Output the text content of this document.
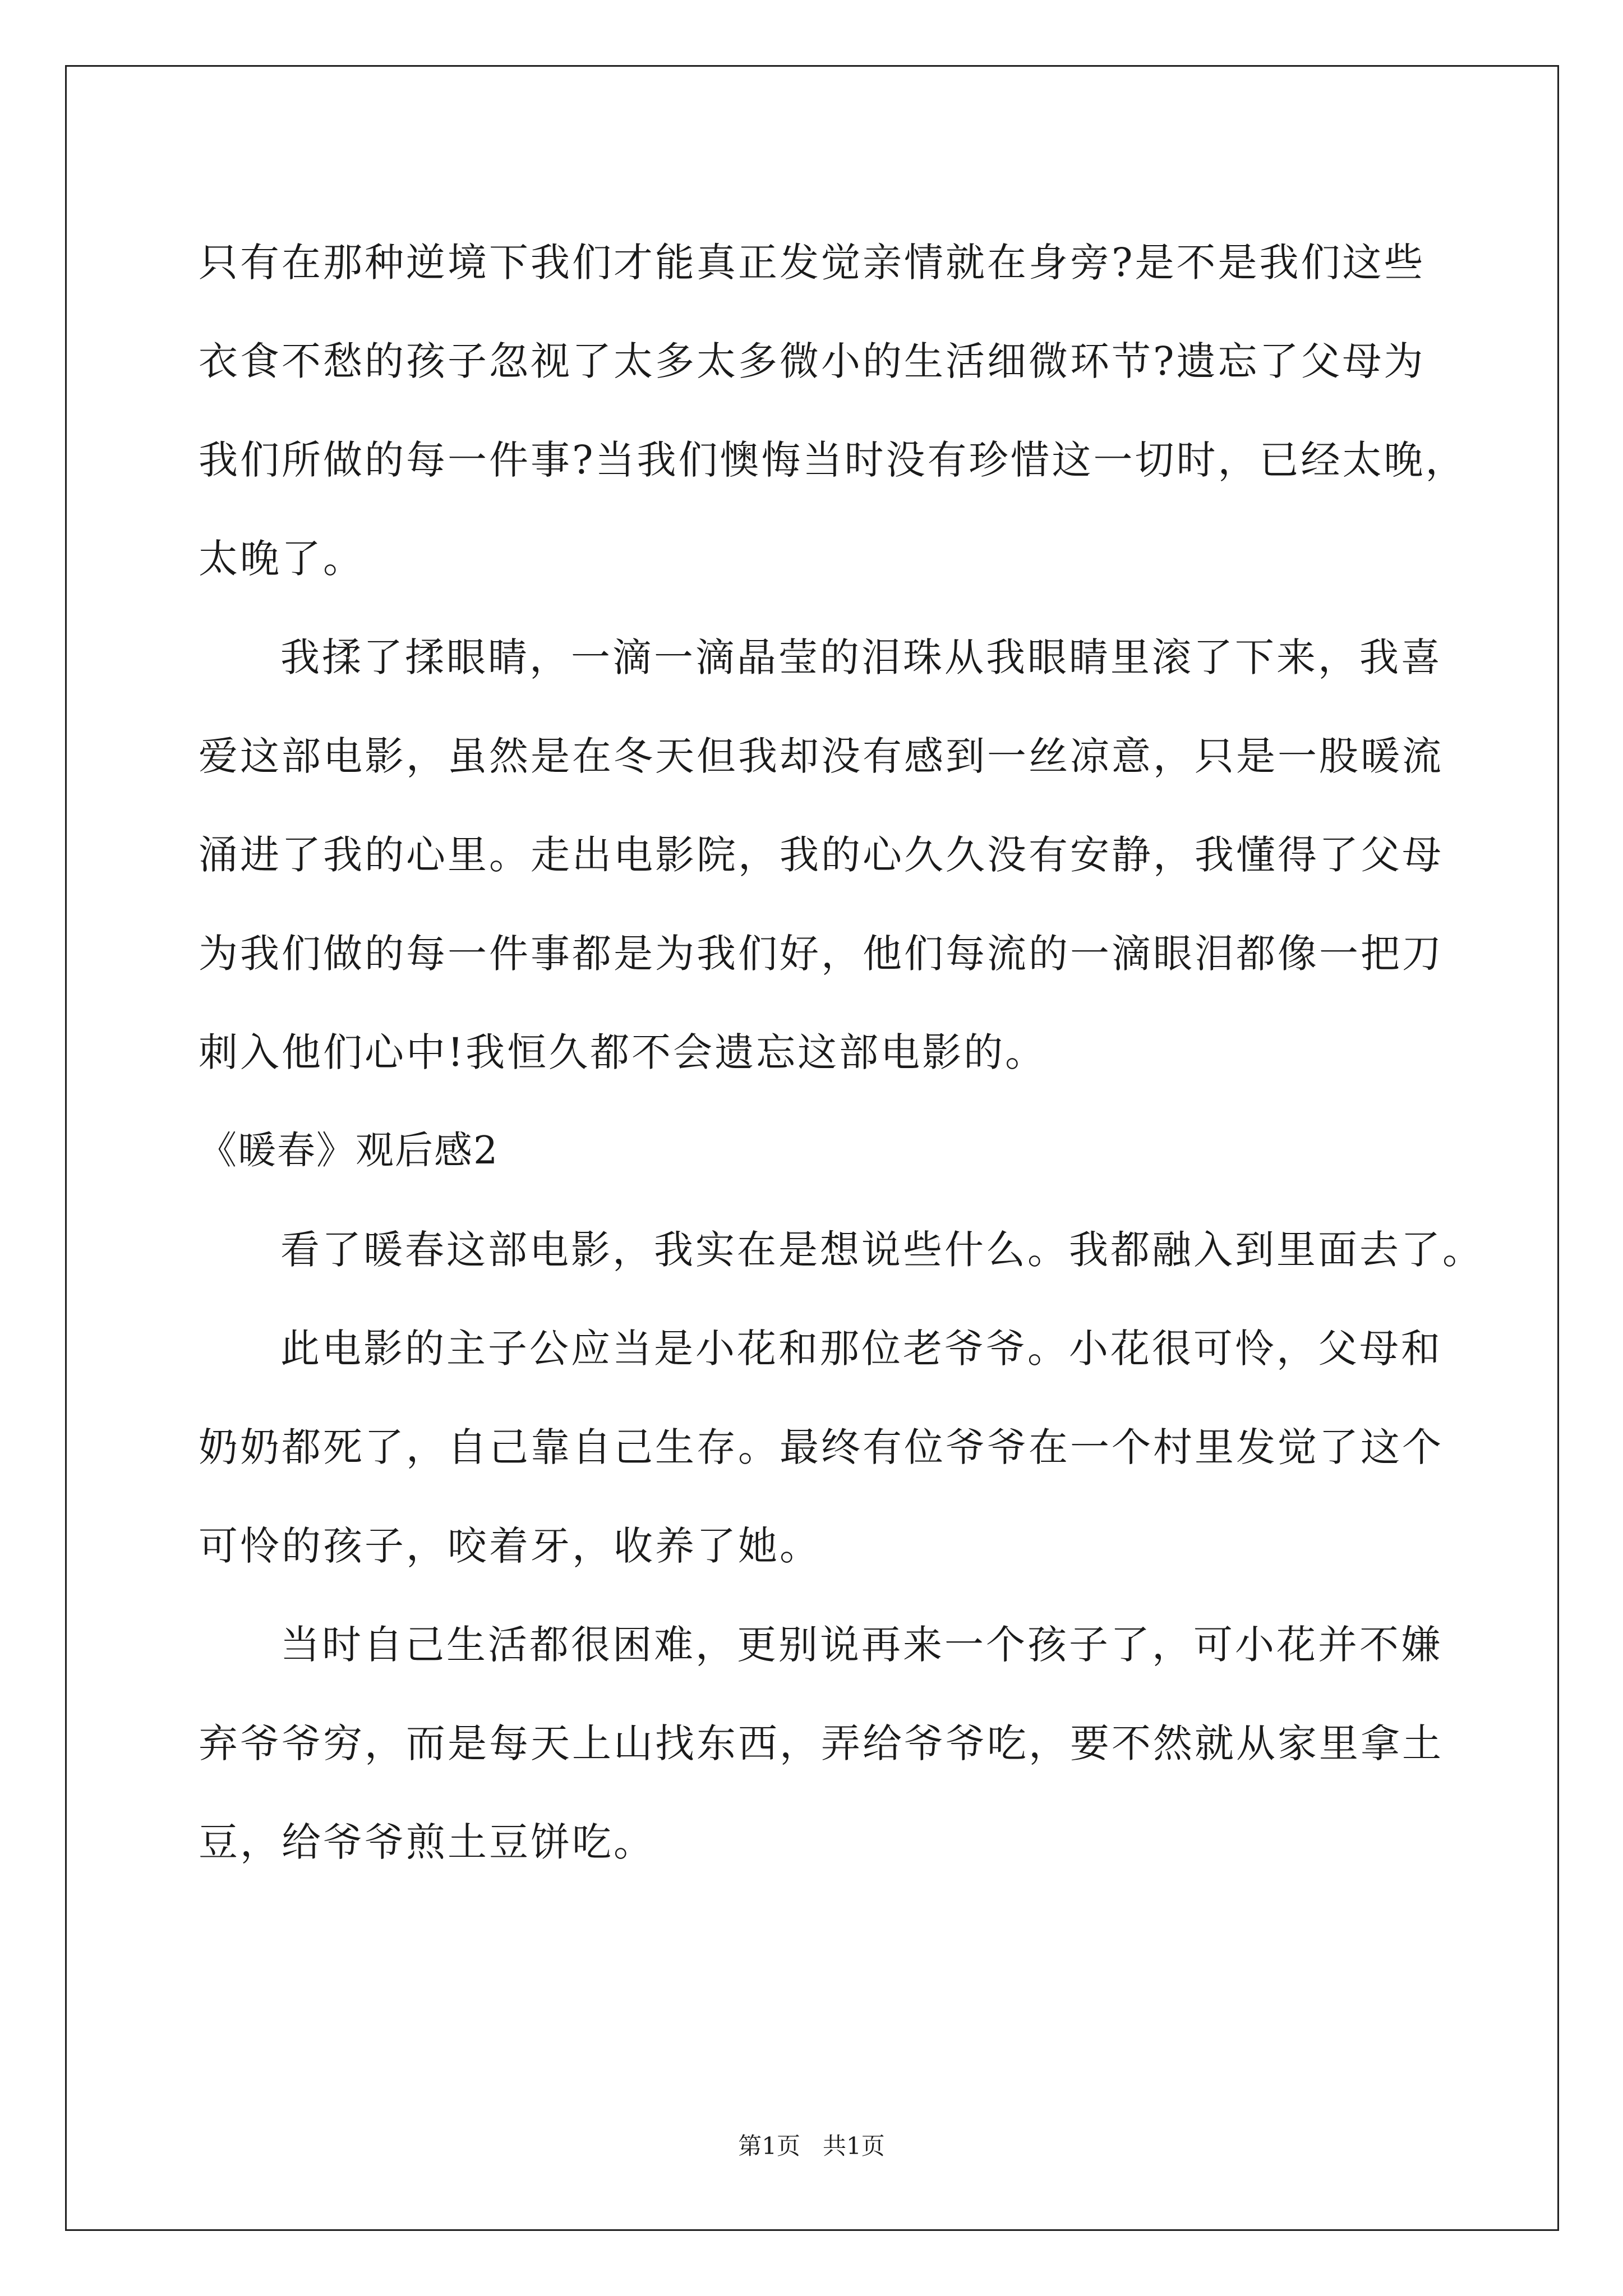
只有在那种逆境下我们才能真正发觉亲情就在身旁?是不是我们这些
衣食不愁的孩子忽视了太多太多微小的生活细微环节?遗忘了父母为
我们所做的每一件事?当我们懊悔当时没有珍惜这一切时，已经太晚，
太晚了。
我揉了揉眼睛，一滴一滴晶莹的泪珠从我眼睛里滚了下来，我喜
爱这部电影，虽然是在冬天但我却没有感到一丝凉意，只是一股暖流
涌进了我的心里。走出电影院，我的心久久没有安静，我懂得了父母
为我们做的每一件事都是为我们好，他们每流的一滴眼泪都像一把刀
刺入他们心中!我恒久都不会遗忘这部电影的。
《暖春》观后感2
看了暖春这部电影，我实在是想说些什么。我都融入到里面去了。
此电影的主子公应当是小花和那位老爷爷。小花很可怜，父母和
奶奶都死了，自己靠自己生存。最终有位爷爷在一个村里发觉了这个
可怜的孩子，咬着牙，收养了她。
当时自己生活都很困难，更别说再来一个孩子了，可小花并不嫌
弃爷爷穷，而是每天上山找东西，弄给爷爷吃，要不然就从家里拿土
豆，给爷爷煎土豆饼吃。
第1页   共1页
